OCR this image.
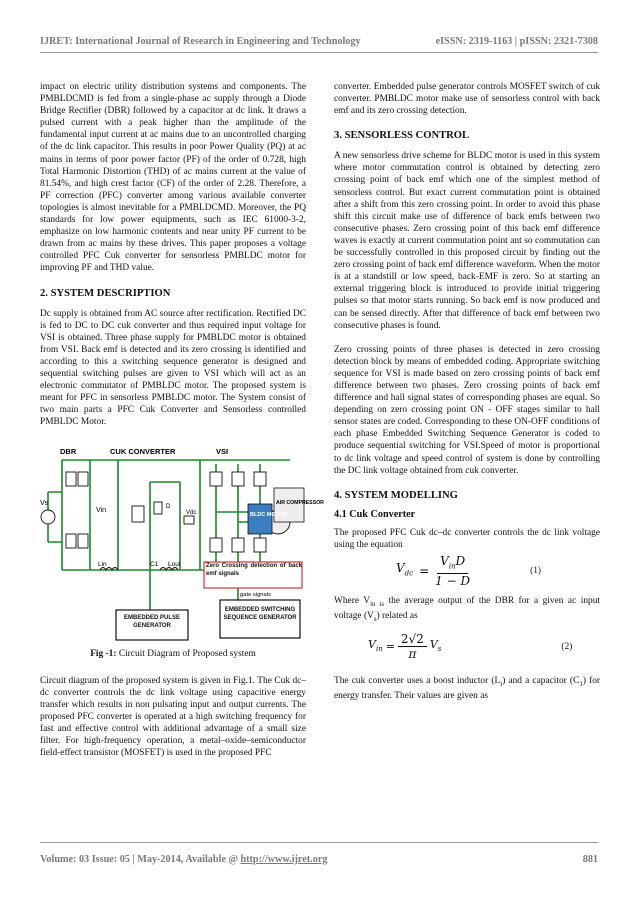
IJRET: International Journal of Research in Engineering and Technology	eISSN: 2319-1163 | pISSN: 2321-7308

impact on electric utility distribution systems and components. The PMBLDCMD is fed from a single-phase ac supply through a Diode Bridge Rectifier (DBR) followed by a capacitor at dc link. It draws a pulsed current with a peak higher than the amplitude of the fundamental input current at ac mains due to an uncontrolled charging of the dc link capacitor. This results in poor Power Quality (PQ) at ac mains in terms of poor power factor (PF) of the order of 0.728, high Total Harmonic Distortion (THD) of ac mains current at the value of 81.54%, and high crest factor (CF) of the order of 2.28. Therefore, a PF correction (PFC) converter among various available converter topologies is almost inevitable for a PMBLDCMD. Moreover, the PQ standards for low power equipments, such as IEC 61000-3-2, emphasize on low harmonic contents and near unity PF current to be drawn from ac mains by these drives. This paper proposes a voltage controlled PFC Cuk converter for sensorless PMBLDC motor for improving PF and THD value.

2. SYSTEM DESCRIPTION

Dc supply is obtained from AC source after rectification. Rectified DC is fed to DC to DC cuk converter and thus required input voltage for VSI is obtained. Three phase supply for PMBLDC motor is obtained from VSI. Back emf is detected and its zero crossing is identified and according to this a switching sequence generator is designed and sequential switching pulses are given to VSI which will act as an electronic commutator of PMBLDC motor. The proposed system is meant for PFC in sensorless PMBLDC motor. The System consist of two main parts a PFC Cuk Converter and Sensorless controlled PMBLDC Motor.

DBR	CUK CONVERTER	VSI
Vs
Vin	Vdc
D
Lin	C1 Lout
BLDC MOTOR
AIR COMPRESSOR
Zero Crossing detection of back emf signals
gate signals
EMBEDDED PULSE GENERATOR
EMBEDDED SWITCHING SEQUENCE GENERATOR
Fig -1: Circuit Diagram of Proposed system

Circuit diagram of the proposed system is given in Fig.1. The Cuk dc–dc converter controls the dc link voltage using capacitive energy transfer which results in non pulsating input and output currents. The proposed PFC converter is operated at a high switching frequency for fast and effective control with additional advantage of a small size filter. For high-frequency operation, a metal–oxide–semiconductor field-effect transistor (MOSFET) is used in the proposed PFC

converter. Embedded pulse generator controls MOSFET switch of cuk converter. PMBLDC motor make use of sensorless control with back emf and its zero crossing detection.

3. SENSORLESS CONTROL

A new sensorless drive scheme for BLDC motor is used in this system where motor commutation control is obtained by detecting zero crossing point of back emf which one of the simplest method of sensorless control. But exact current commutation point is obtained after a shift from this zero crossing point. In order to avoid this phase shift this circuit make use of difference of back emfs between two consecutive phases. Zero crossing point of this back emf difference waves is exactly at current commutation point ant so commutation can be successfully controlled in this proposed circuit by finding out the zero crossing point of back emf difference waveform. When the motor is at a standstill or low speed, back-EMF is zero. So at starting an external triggering block is introduced to provide initial triggering pulses so that motor starts running. So back emf is now produced and can be sensed directly. After that difference of back emf between two consecutive phases is found.

Zero crossing points of three phases is detected in zero crossing detection block by means of embedded coding. Appropriate switching sequence for VSI is made based on zero crossing points of back emf difference between two phases. Zero crossing points of back emf difference and hall signal states of corresponding phases are equal. So depending on zero crossing point ON - OFF stages similar to hall sensor states are coded. Corresponding to these ON-OFF conditions of each phase Embedded Switching Sequence Generator is coded to produce sequential switching for VSI.Speed of motor is proportional to dc link voltage and speed control of system is done by controlling the DC link voltage obtained from cuk converter.

4. SYSTEM MODELLING
4.1 Cuk Converter

The proposed PFC Cuk dc–dc converter controls the dc link voltage using the equation

$V_{dc} = \frac{V_{in}D}{1 - D}$	(1)

Where $V_{in is}$ the average output of the DBR for a given ac input voltage $(V_s)$ related as

$V_{in} = \frac{2√2}{\pi} V_s$	(2)

The cuk converter uses a boost inductor $(L_i)$ and a capacitor $(C_1)$ for energy transfer. Their values are given as

Volume: 03 Issue: 05 | May-2014, Available @ http://www.ijret.org	881
